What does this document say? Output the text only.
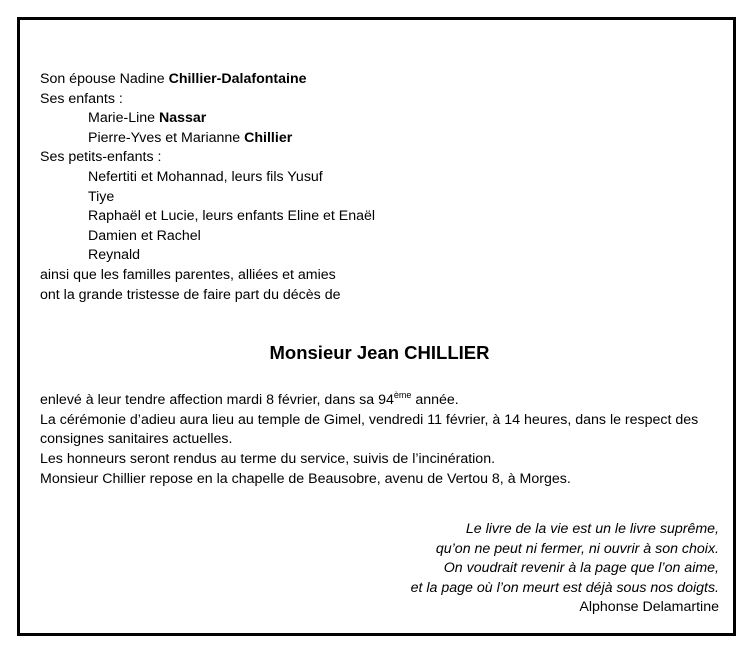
Son épouse Nadine Chillier-Dalafontaine
Ses enfants :
Marie-Line Nassar
Pierre-Yves et Marianne Chillier
Ses petits-enfants :
Nefertiti et Mohannad, leurs fils Yusuf
Tiye
Raphaël et Lucie, leurs enfants Eline et Enaël
Damien et Rachel
Reynald
ainsi que les familles parentes, alliées et amies
ont la grande tristesse de faire part du décès de
Monsieur Jean CHILLIER
enlevé à leur tendre affection mardi 8 février, dans sa 94ème année.
La cérémonie d’adieu aura lieu au temple de Gimel, vendredi 11 février, à 14 heures, dans le respect des consignes sanitaires actuelles.
Les honneurs seront rendus au terme du service, suivis de l’incinération.
Monsieur Chillier repose en la chapelle de Beausobre, avenu de Vertou 8, à Morges.
Le livre de la vie est un le livre suprême,
qu’on ne peut ni fermer, ni ouvrir à son choix.
On voudrait revenir à la page que l’on aime,
et la page où l’on meurt est déjà sous nos doigts.
Alphonse Delamartine
